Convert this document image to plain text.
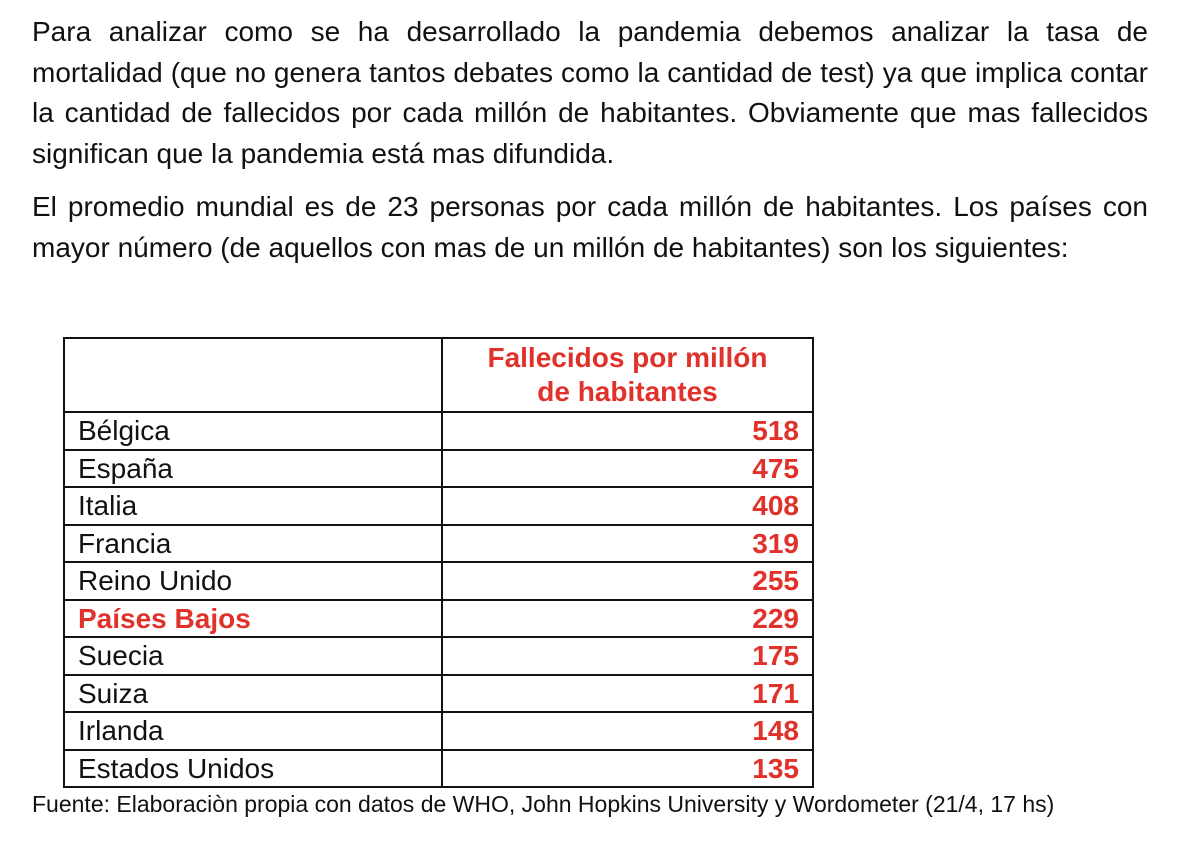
Para analizar como se ha desarrollado la pandemia debemos analizar la tasa de mortalidad (que no genera tantos debates como la cantidad de test) ya que implica contar la cantidad de fallecidos por cada millón de habitantes. Obviamente que mas fallecidos significan que la pandemia está mas difundida.

El promedio mundial es de 23 personas por cada millón de habitantes. Los países con mayor número (de aquellos con mas de un millón de habitantes) son los siguientes:

	Fallecidos por millón
de habitantes

Bélgica	518
España	475
Italia	408
Francia	319
Reino Unido	255
Países Bajos	229
Suecia	175
Suiza	171
Irlanda	148
Estados Unidos	135

Fuente: Elaboraciòn propia con datos de WHO, John Hopkins University y Wordometer (21/4, 17 hs)
